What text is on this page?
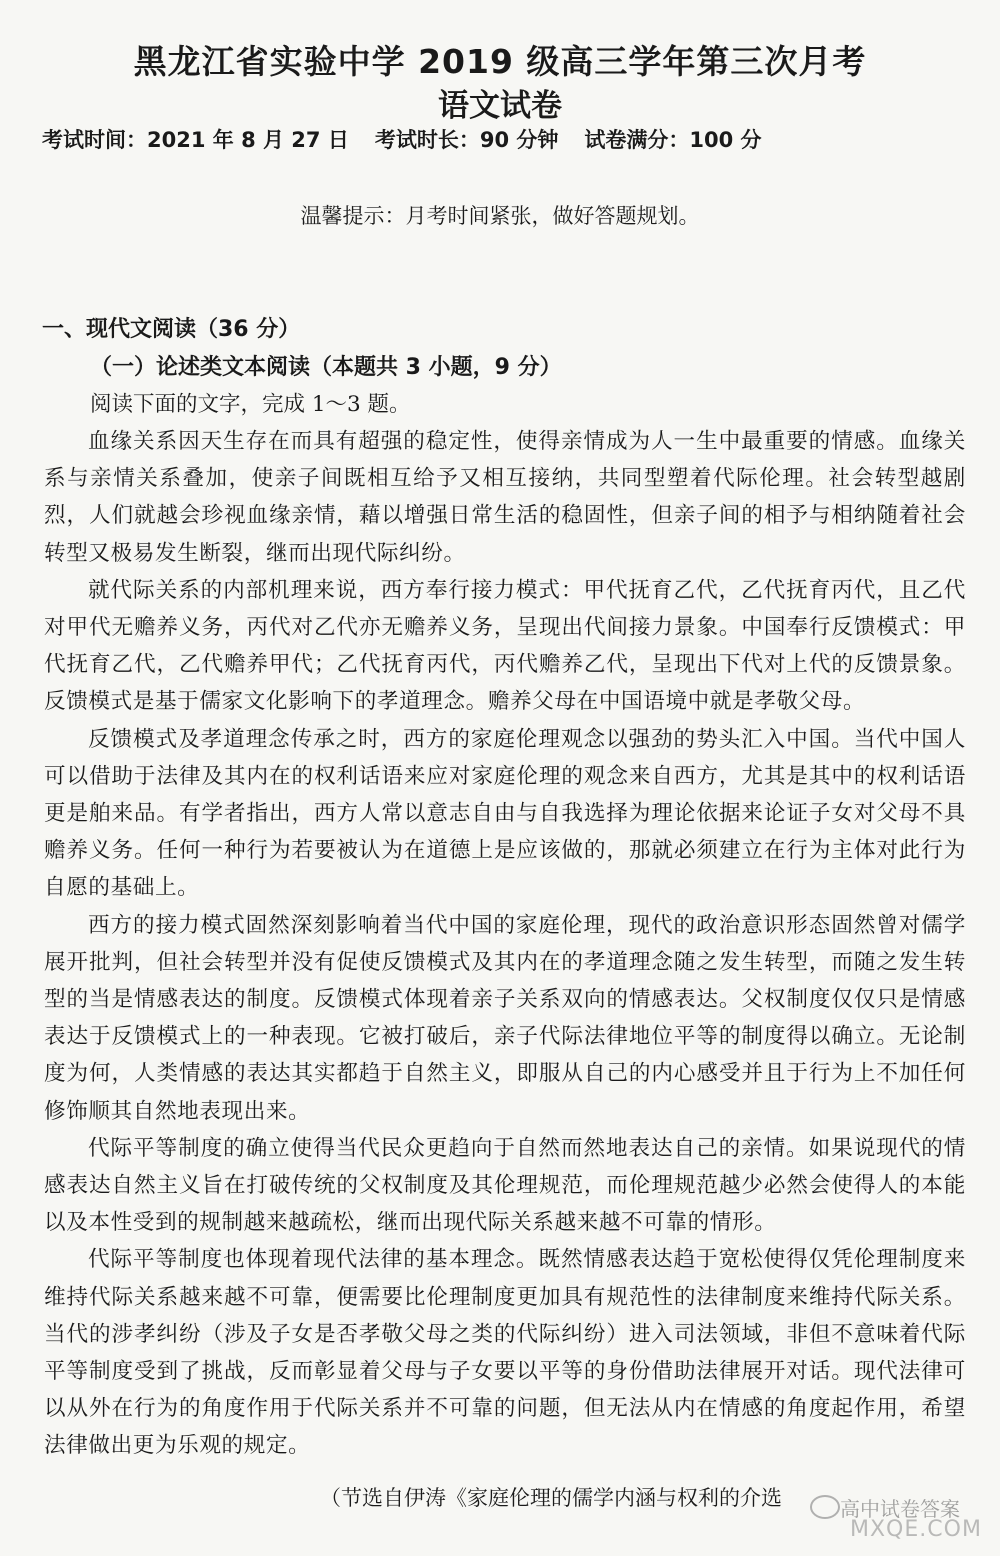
黑龙江省实验中学 2019 级高三学年第三次月考
语文试卷
考试时间：2021 年 8 月 27 日 考试时长：90 分钟 试卷满分：100 分
温馨提示：月考时间紧张，做好答题规划。
一、现代文阅读（36 分）
（一）论述类文本阅读（本题共 3 小题，9 分）
阅读下面的文字，完成 1～3 题。

血缘关系因天生存在而具有超强的稳定性，使得亲情成为人一生中最重要的情感。血缘关系与亲情关系叠加，使亲子间既相互给予又相互接纳，共同型塑着代际伦理。社会转型越剧烈，人们就越会珍视血缘亲情，藉以增强日常生活的稳固性，但亲子间的相予与相纳随着社会转型又极易发生断裂，继而出现代际纠纷。

就代际关系的内部机理来说，西方奉行接力模式：甲代抚育乙代，乙代抚育丙代，且乙代对甲代无赡养义务，丙代对乙代亦无赡养义务，呈现出代间接力景象。中国奉行反馈模式：甲代抚育乙代，乙代赡养甲代；乙代抚育丙代，丙代赡养乙代，呈现出下代对上代的反馈景象。反馈模式是基于儒家文化影响下的孝道理念。赡养父母在中国语境中就是孝敬父母。

反馈模式及孝道理念传承之时，西方的家庭伦理观念以强劲的势头汇入中国。当代中国人可以借助于法律及其内在的权利话语来应对家庭伦理的观念来自西方，尤其是其中的权利话语更是舶来品。有学者指出，西方人常以意志自由与自我选择为理论依据来论证子女对父母不具赡养义务。任何一种行为若要被认为在道德上是应该做的，那就必须建立在行为主体对此行为自愿的基础上。

西方的接力模式固然深刻影响着当代中国的家庭伦理，现代的政治意识形态固然曾对儒学展开批判，但社会转型并没有促使反馈模式及其内在的孝道理念随之发生转型，而随之发生转型的当是情感表达的制度。反馈模式体现着亲子关系双向的情感表达。父权制度仅仅只是情感表达于反馈模式上的一种表现。它被打破后，亲子代际法律地位平等的制度得以确立。无论制度为何，人类情感的表达其实都趋于自然主义，即服从自己的内心感受并且于行为上不加任何修饰顺其自然地表现出来。

代际平等制度的确立使得当代民众更趋向于自然而然地表达自己的亲情。如果说现代的情感表达自然主义旨在打破传统的父权制度及其伦理规范，而伦理规范越少必然会使得人的本能以及本性受到的规制越来越疏松，继而出现代际关系越来越不可靠的情形。

代际平等制度也体现着现代法律的基本理念。既然情感表达趋于宽松使得仅凭伦理制度来维持代际关系越来越不可靠，便需要比伦理制度更加具有规范性的法律制度来维持代际关系。当代的涉孝纠纷（涉及子女是否孝敬父母之类的代际纠纷）进入司法领域，非但不意味着代际平等制度受到了挑战，反而彰显着父母与子女要以平等的身份借助法律展开对话。现代法律可以从外在行为的角度作用于代际关系并不可靠的问题，但无法从内在情感的角度起作用，希望法律做出更为乐观的规定。

（节选自伊涛《家庭伦理的儒学内涵与权利的介选	高中试卷答案
MXQE.COM
